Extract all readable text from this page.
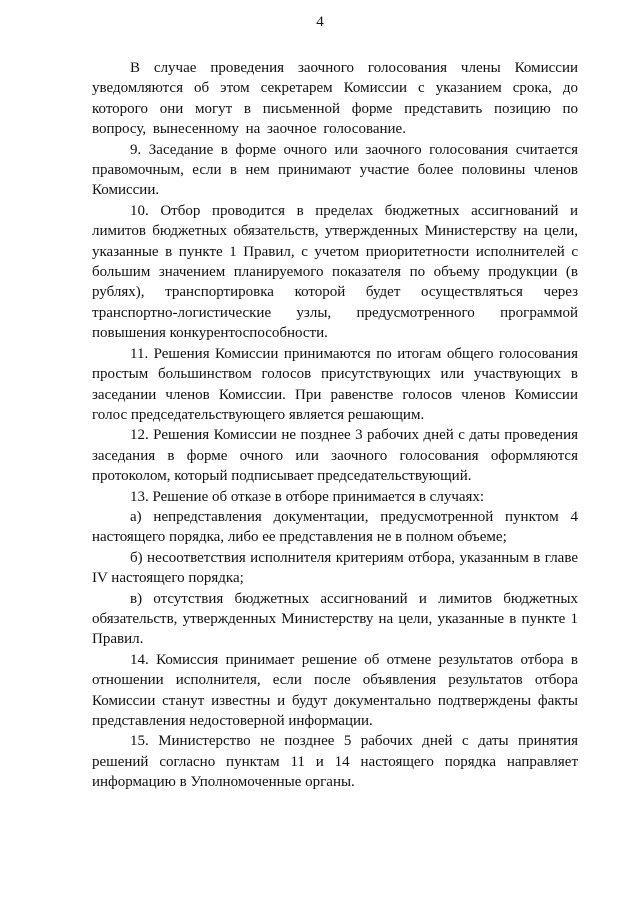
4

В случае проведения заочного голосования члены Комиссии уведомляются об этом секретарем Комиссии с указанием срока, до которого они могут в письменной форме представить позицию по вопросу, вынесенному на заочное голосование.

9. Заседание в форме очного или заочного голосования считается правомочным, если в нем принимают участие более половины членов Комиссии.

10. Отбор проводится в пределах бюджетных ассигнований и лимитов бюджетных обязательств, утвержденных Министерству на цели, указанные в пункте 1 Правил, с учетом приоритетности исполнителей с большим значением планируемого показателя по объему продукции (в рублях), транспортировка которой будет осуществляться через транспортно-логистические узлы, предусмотренного программой повышения конкурентоспособности.

11. Решения Комиссии принимаются по итогам общего голосования простым большинством голосов присутствующих или участвующих в заседании членов Комиссии. При равенстве голосов членов Комиссии голос председательствующего является решающим.

12. Решения Комиссии не позднее 3 рабочих дней с даты проведения заседания в форме очного или заочного голосования оформляются протоколом, который подписывает председательствующий.

13. Решение об отказе в отборе принимается в случаях:

а) непредставления документации, предусмотренной пунктом 4 настоящего порядка, либо ее представления не в полном объеме;

б) несоответствия исполнителя критериям отбора, указанным в главе IV настоящего порядка;

в) отсутствия бюджетных ассигнований и лимитов бюджетных обязательств, утвержденных Министерству на цели, указанные в пункте 1 Правил.

14. Комиссия принимает решение об отмене результатов отбора в отношении исполнителя, если после объявления результатов отбора Комиссии станут известны и будут документально подтверждены факты представления недостоверной информации.

15. Министерство не позднее 5 рабочих дней с даты принятия решений согласно пунктам 11 и 14 настоящего порядка направляет информацию в Уполномоченные органы.
